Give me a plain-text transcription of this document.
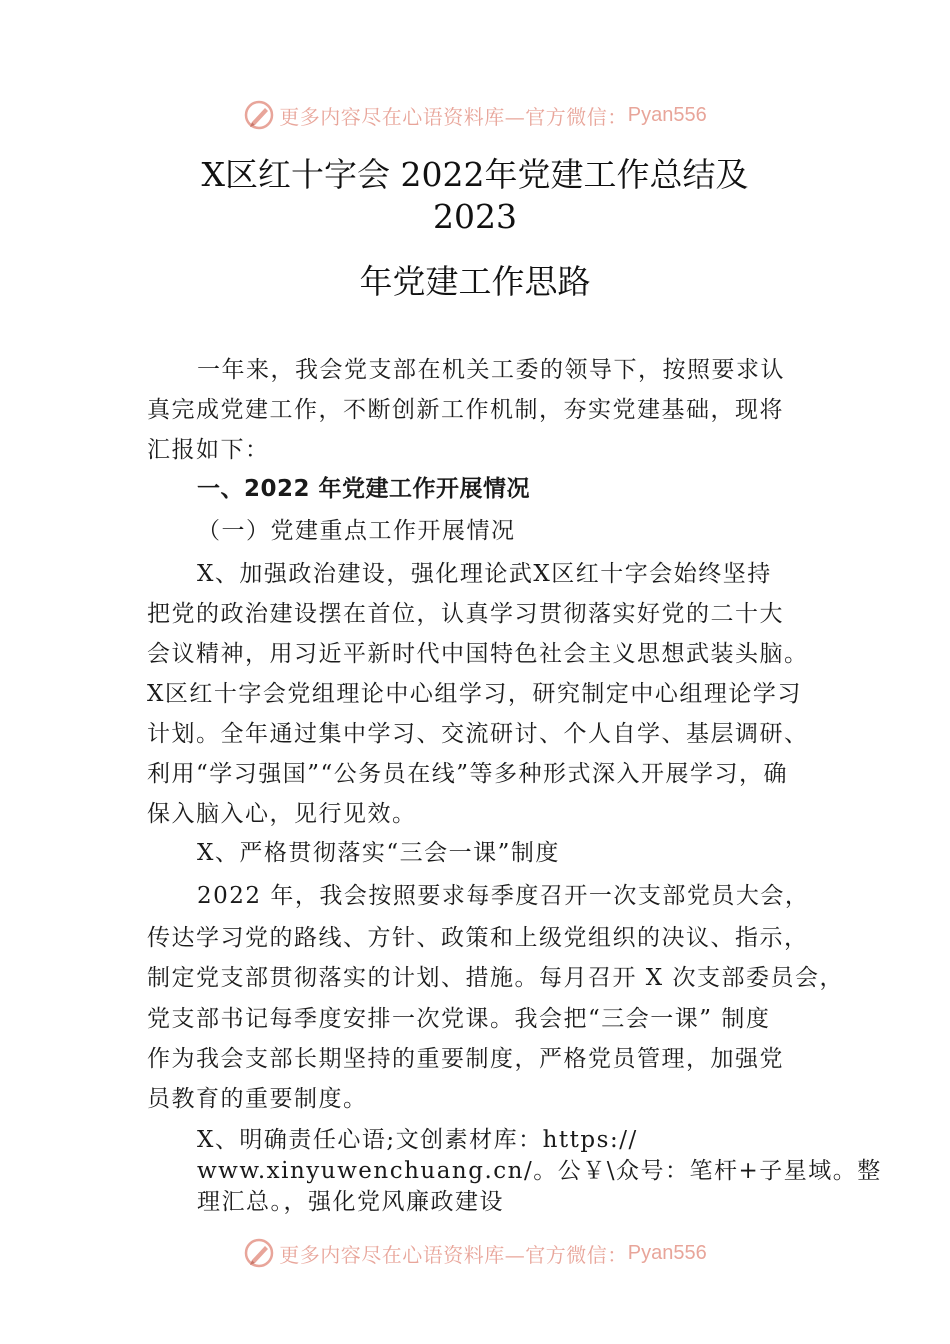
更多内容尽在心语资料库—官方微信： Pyan556
X区红十字会 2022年党建工作总结及
2023
年党建工作思路
一年来，我会党支部在机关工委的领导下，按照要求认
真完成党建工作，不断创新工作机制，夯实党建基础，现将
汇报如下：
一、2022 年党建工作开展情况
（一）党建重点工作开展情况
X、加强政治建设，强化理论武X区红十字会始终坚持
把党的政治建设摆在首位，认真学习贯彻落实好党的二十大
会议精神，用习近平新时代中国特色社会主义思想武装头脑。
X区红十字会党组理论中心组学习，研究制定中心组理论学习
计划。全年通过集中学习、交流研讨、个人自学、基层调研、
利用“学习强国”“公务员在线”等多种形式深入开展学习，确
保入脑入心，见行见效。
X、严格贯彻落实“三会一课”制度
2022 年，我会按照要求每季度召开一次支部党员大会，
传达学习党的路线、方针、政策和上级党组织的决议、指示，
制定党支部贯彻落实的计划、措施。每月召开 X 次支部委员会，
党支部书记每季度安排一次党课。我会把“三会一课” 制度
作为我会支部长期坚持的重要制度，严格党员管理，加强党
员教育的重要制度。
X、明确责任心语;文创素材库：https://
www.xinyuwenchuang.cn/。公￥\众号：笔杆+子星域。整
理汇总。，强化党风廉政建设
更多内容尽在心语资料库—官方微信： Pyan556
